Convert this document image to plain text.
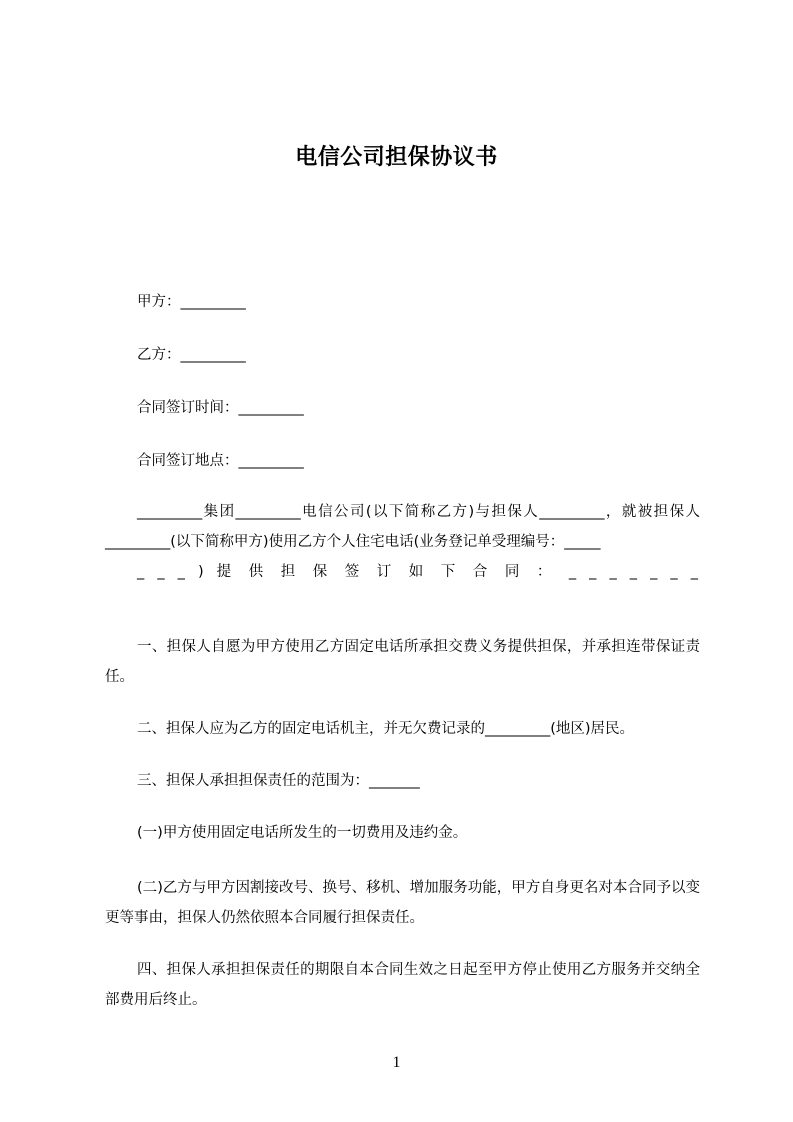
电信公司担保协议书
甲方：_________
乙方：_________
合同签订时间：_________
合同签订地点：_________
_________集团_________电信公司(以下简称乙方)与担保人_________，就被担保人_________(以下简称甲方)使用乙方个人住宅电话(业务登记单受理编号：_____
_ _ _ ) 提 供 担 保 签 订 如 下 合 同 ： _ _ _ _ _ _ _
一、担保人自愿为甲方使用乙方固定电话所承担交费义务提供担保，并承担连带保证责任。
二、担保人应为乙方的固定电话机主，并无欠费记录的_________(地区)居民。
三、担保人承担担保责任的范围为：_______
(一)甲方使用固定电话所发生的一切费用及违约金。
(二)乙方与甲方因割接改号、换号、移机、增加服务功能，甲方自身更名对本合同予以变更等事由，担保人仍然依照本合同履行担保责任。
四、担保人承担担保责任的期限自本合同生效之日起至甲方停止使用乙方服务并交纳全部费用后终止。
1
